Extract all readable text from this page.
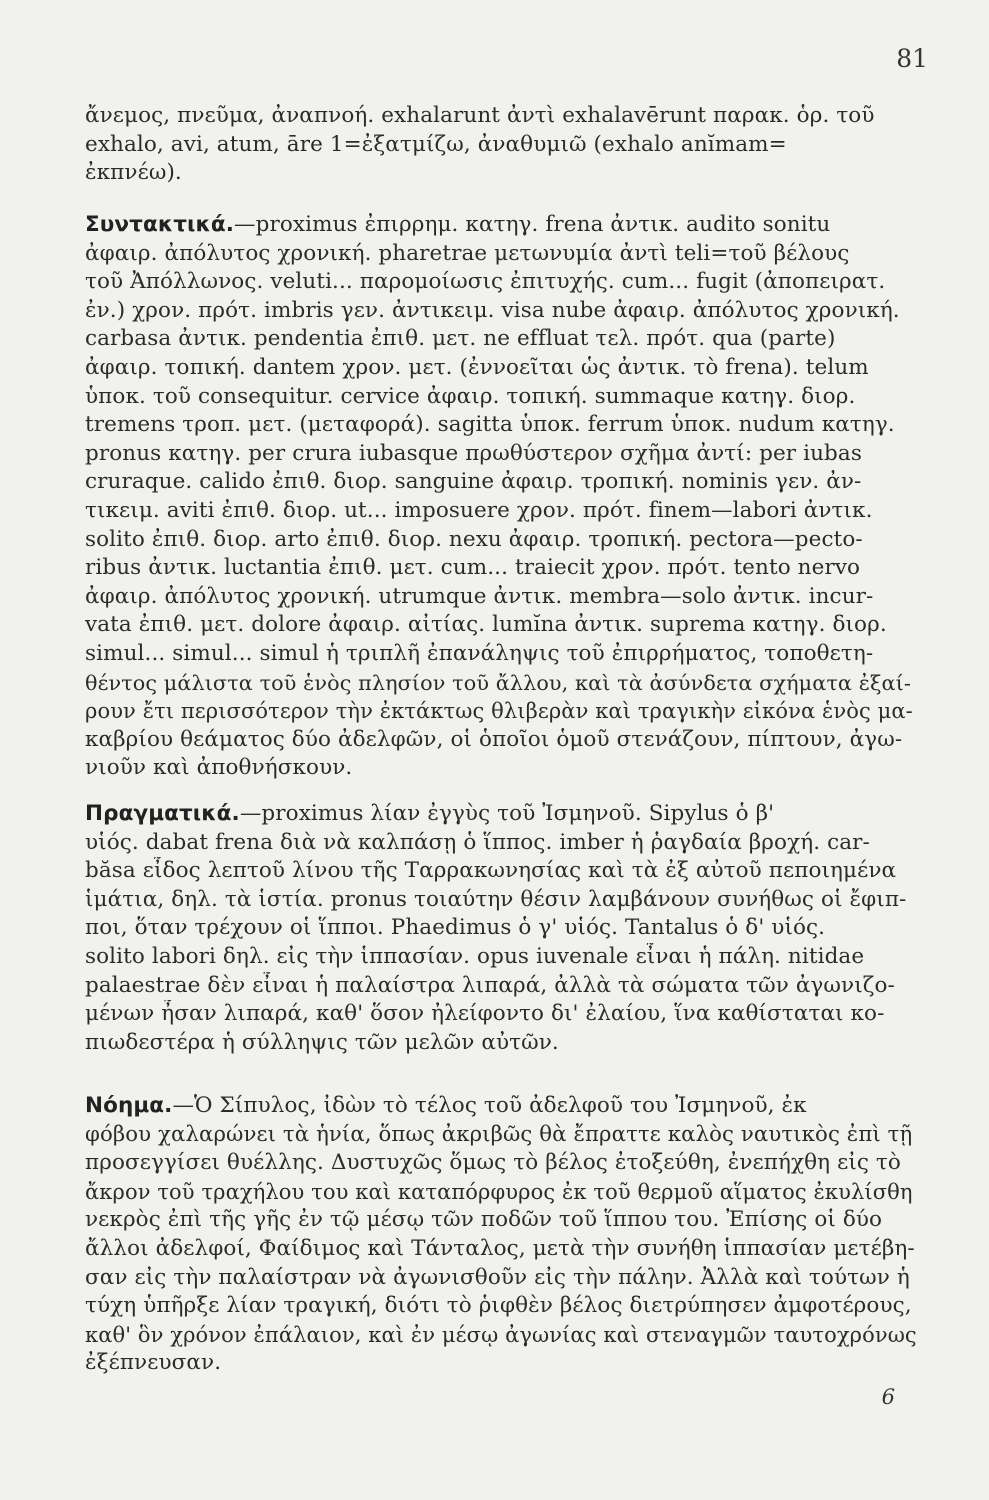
81
ἄνεμος, πνεῦμα, ἀναπνοή. exhalarunt ἀντὶ exhalavērunt παρακ. ὁρ. τοῦ
exhalo, avi, atum, āre 1=ἐξατμίζω, ἀναθυμιῶ (exhalo anĭmam=
ἐκπνέω).
Συντακτικά.—proximus ἐπιρρημ. κατηγ. frena ἀντικ. audito sonitu
ἀφαιρ. ἀπόλυτος χρονική. pharetrae μετωνυμία ἀντὶ teli=τοῦ βέλους
τοῦ Ἀπόλλωνος. veluti... παρομοίωσις ἐπιτυχής. cum... fugit (ἀποπειρατ.
ἐν.) χρον. πρότ. imbris γεν. ἀντικειμ. visa nube ἀφαιρ. ἀπόλυτος χρονική.
carbasa ἀντικ. pendentia ἐπιθ. μετ. ne effluat τελ. πρότ. qua (parte)
ἀφαιρ. τοπική. dantem χρον. μετ. (ἐννοεῖται ὡς ἀντικ. τὸ frena). telum
ὑποκ. τοῦ consequitur. cervice ἀφαιρ. τοπική. summaque κατηγ. διορ.
tremens τροπ. μετ. (μεταφορά). sagitta ὑποκ. ferrum ὑποκ. nudum κατηγ.
pronus κατηγ. per crura iubasque πρωθύστερον σχῆμα ἀντί: per iubas
cruraque. calido ἐπιθ. διορ. sanguine ἀφαιρ. τροπική. nominis γεν. ἀν-
τικειμ. aviti ἐπιθ. διορ. ut... imposuere χρον. πρότ. finem—labori ἀντικ.
solito ἐπιθ. διορ. arto ἐπιθ. διορ. nexu ἀφαιρ. τροπική. pectora—pecto-
ribus ἀντικ. luctantia ἐπιθ. μετ. cum... traiecit χρον. πρότ. tento nervo
ἀφαιρ. ἀπόλυτος χρονική. utrumque ἀντικ. membra—solo ἀντικ. incur-
vata ἐπιθ. μετ. dolore ἀφαιρ. αἰτίας. lumĭna ἀντικ. suprema κατηγ. διορ.
simul... simul... simul ἡ τριπλῆ ἐπανάληψις τοῦ ἐπιρρήματος, τοποθετη-
θέντος μάλιστα τοῦ ἑνὸς πλησίον τοῦ ἄλλου, καὶ τὰ ἀσύνδετα σχήματα ἐξαί-
ρουν ἔτι περισσότερον τὴν ἐκτάκτως θλιβερὰν καὶ τραγικὴν εἰκόνα ἑνὸς μα-
καβρίου θεάματος δύο ἀδελφῶν, οἱ ὁποῖοι ὁμοῦ στενάζουν, πίπτουν, ἀγω-
νιοῦν καὶ ἀποθνήσκουν.
Πραγματικά.—proximus λίαν ἐγγὺς τοῦ Ἰσμηνοῦ. Sipylus ὁ β'
υἱός. dabat frena διὰ νὰ καλπάσῃ ὁ ἵππος. imber ἡ ῥαγδαία βροχή. car-
băsa εἶδος λεπτοῦ λίνου τῆς Ταρρακωνησίας καὶ τὰ ἐξ αὐτοῦ πεποιημένα
ἱμάτια, δηλ. τὰ ἱστία. pronus τοιαύτην θέσιν λαμβάνουν συνήθως οἱ ἔφιπ-
ποι, ὅταν τρέχουν οἱ ἵπποι. Phaedimus ὁ γ' υἱός. Tantalus ὁ δ' υἱός.
solito labori δηλ. εἰς τὴν ἱππασίαν. opus iuvenale εἶναι ἡ πάλη. nitidae
palaestrae δὲν εἶναι ἡ παλαίστρα λιπαρά, ἀλλὰ τὰ σώματα τῶν ἀγωνιζο-
μένων ἦσαν λιπαρά, καθ' ὅσον ἠλείφοντο δι' ἐλαίου, ἵνα καθίσταται κο-
πιωδεστέρα ἡ σύλληψις τῶν μελῶν αὐτῶν.
Νόημα.—Ὁ Σίπυλος, ἰδὼν τὸ τέλος τοῦ ἀδελφοῦ του Ἰσμηνοῦ, ἐκ
φόβου χαλαρώνει τὰ ἡνία, ὅπως ἀκριβῶς θὰ ἔπραττε καλὸς ναυτικὸς ἐπὶ τῇ
προσεγγίσει θυέλλης. Δυστυχῶς ὅμως τὸ βέλος ἐτοξεύθη, ἐνεπήχθη εἰς τὸ
ἄκρον τοῦ τραχήλου του καὶ καταπόρφυρος ἐκ τοῦ θερμοῦ αἵματος ἐκυλίσθη
νεκρὸς ἐπὶ τῆς γῆς ἐν τῷ μέσῳ τῶν ποδῶν τοῦ ἵππου του. Ἐπίσης οἱ δύο
ἄλλοι ἀδελφοί, Φαίδιμος καὶ Τάνταλος, μετὰ τὴν συνήθη ἱππασίαν μετέβη-
σαν εἰς τὴν παλαίστραν νὰ ἀγωνισθοῦν εἰς τὴν πάλην. Ἀλλὰ καὶ τούτων ἡ
τύχη ὑπῆρξε λίαν τραγική, διότι τὸ ῥιφθὲν βέλος διετρύπησεν ἀμφοτέρους,
καθ' ὃν χρόνον ἐπάλαιον, καὶ ἐν μέσῳ ἀγωνίας καὶ στεναγμῶν ταυτοχρόνως
ἐξέπνευσαν.
6
